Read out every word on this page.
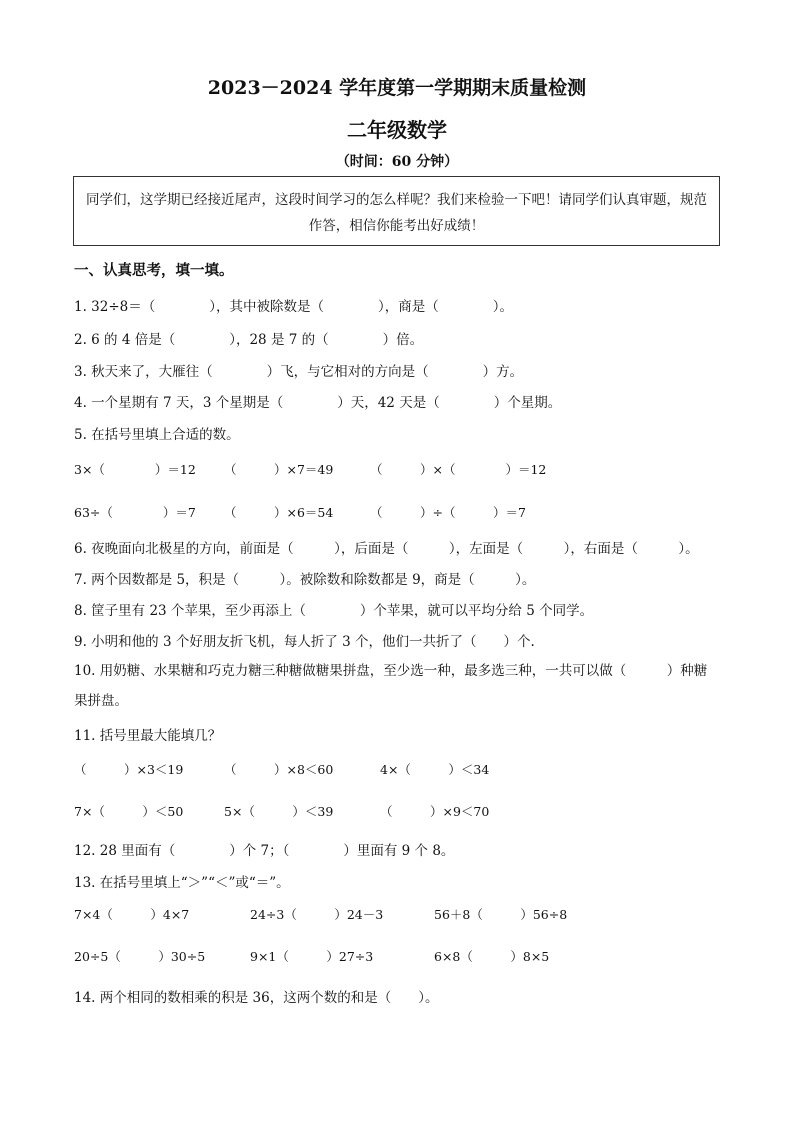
2023－2024 学年度第一学期期末质量检测
二年级数学
（时间：60 分钟）
同学们，这学期已经接近尾声，这段时间学习的怎么样呢？我们来检验一下吧！请同学们认真审题，规范作答，相信你能考出好成绩！
一、认真思考，填一填。
1. 32÷8＝（　　　　），其中被除数是（　　　　），商是（　　　　）。
2. 6 的 4 倍是（　　　　），28 是 7 的（　　　　）倍。
3. 秋天来了，大雁往（　　　　）飞，与它相对的方向是（　　　　）方。
4. 一个星期有 7 天，3 个星期是（　　　　）天，42 天是（　　　　）个星期。
5. 在括号里填上合适的数。
3×（　　　　）＝12 （　　　）×7＝49	（　　　）×（　　　　）＝12
63÷（　　　　）＝7 （　　　）×6＝54	（　　　）÷（　　　）＝7
6. 夜晚面向北极星的方向，前面是（　　　），后面是（　　　），左面是（　　　），右面是（　　　）。
7. 两个因数都是 5，积是（　　　）。被除数和除数都是 9，商是（　　　）。
8. 筐子里有 23 个苹果，至少再添上（　　　　）个苹果，就可以平均分给 5 个同学。
9. 小明和他的 3 个好朋友折飞机，每人折了 3 个，他们一共折了（　　）个.
10. 用奶糖、水果糖和巧克力糖三种糖做糖果拼盘，至少选一种，最多选三种，一共可以做（　　　）种糖果拼盘。
11. 括号里最大能填几？
（　　　）×3＜19	（　　　）×8＜60	4×（　　　）＜34
7×（　　　）＜50	5×（　　　）＜39	（　　　）×9＜70
12. 28 里面有（　　　　）个 7；（　　　　）里面有 9 个 8。
13. 在括号里填上“＞”“＜”或“＝”。
7×4（　　　）4×7	24÷3（　　　）24－3	56＋8（　　　）56÷8
20÷5（　　　）30÷5	9×1（　　　）27÷3	6×8（　　　）8×5
14. 两个相同的数相乘的积是 36，这两个数的和是（　　）。
